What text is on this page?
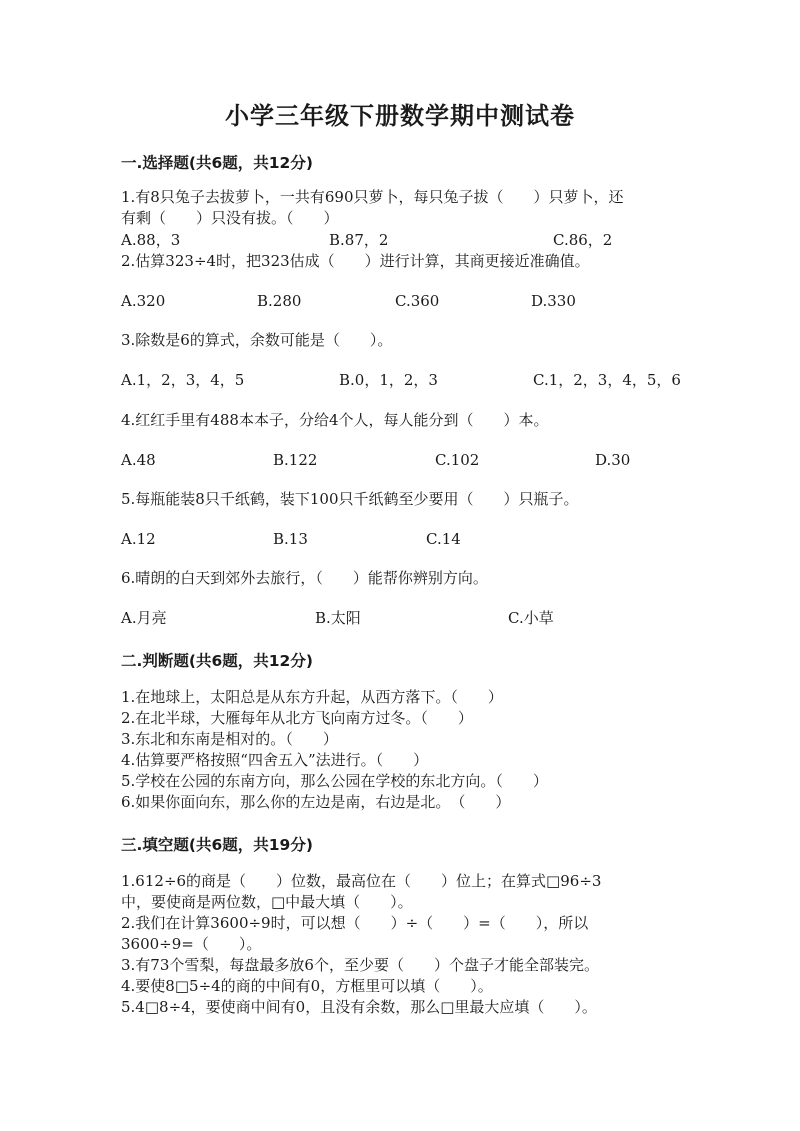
小学三年级下册数学期中测试卷
一.选择题(共6题，共12分)
1.有8只兔子去拔萝卜，一共有690只萝卜，每只兔子拔（　　）只萝卜，还
有剩（　　）只没有拔。（　　）
A.88，3	B.87，2	C.86，2
2.估算323÷4时，把323估成（　　）进行计算，其商更接近准确值。
A.320	B.280	C.360	D.330
3.除数是6的算式，余数可能是（　　）。
A.1，2，3，4，5	B.0，1，2，3	C.1，2，3，4，5，6
4.红红手里有488本本子，分给4个人，每人能分到（　　）本。
A.48	B.122	C.102	D.30
5.每瓶能装8只千纸鹤，装下100只千纸鹤至少要用（　　）只瓶子。
A.12	B.13	C.14
6.晴朗的白天到郊外去旅行，（　　）能帮你辨别方向。
A.月亮	B.太阳	C.小草
二.判断题(共6题，共12分)
1.在地球上，太阳总是从东方升起，从西方落下。（　　）
2.在北半球，大雁每年从北方飞向南方过冬。（　　）
3.东北和东南是相对的。（　　）
4.估算要严格按照“四舍五入”法进行。（　　）
5.学校在公园的东南方向，那么公园在学校的东北方向。（　　）
6.如果你面向东，那么你的左边是南，右边是北。　（　　）
三.填空题(共6题，共19分)
1.612÷6的商是（　　）位数，最高位在（　　）位上；在算式□96÷3
中，要使商是两位数，□中最大填（　　）。
2.我们在计算3600÷9时，可以想（　　）÷（　　）=（　　），所以
3600÷9=（　　）。
3.有73个雪梨，每盘最多放6个，至少要（　　）个盘子才能全部装完。
4.要使8□5÷4的商的中间有0，方框里可以填（　　）。
5.4□8÷4，要使商中间有0，且没有余数，那么□里最大应填（　　）。
